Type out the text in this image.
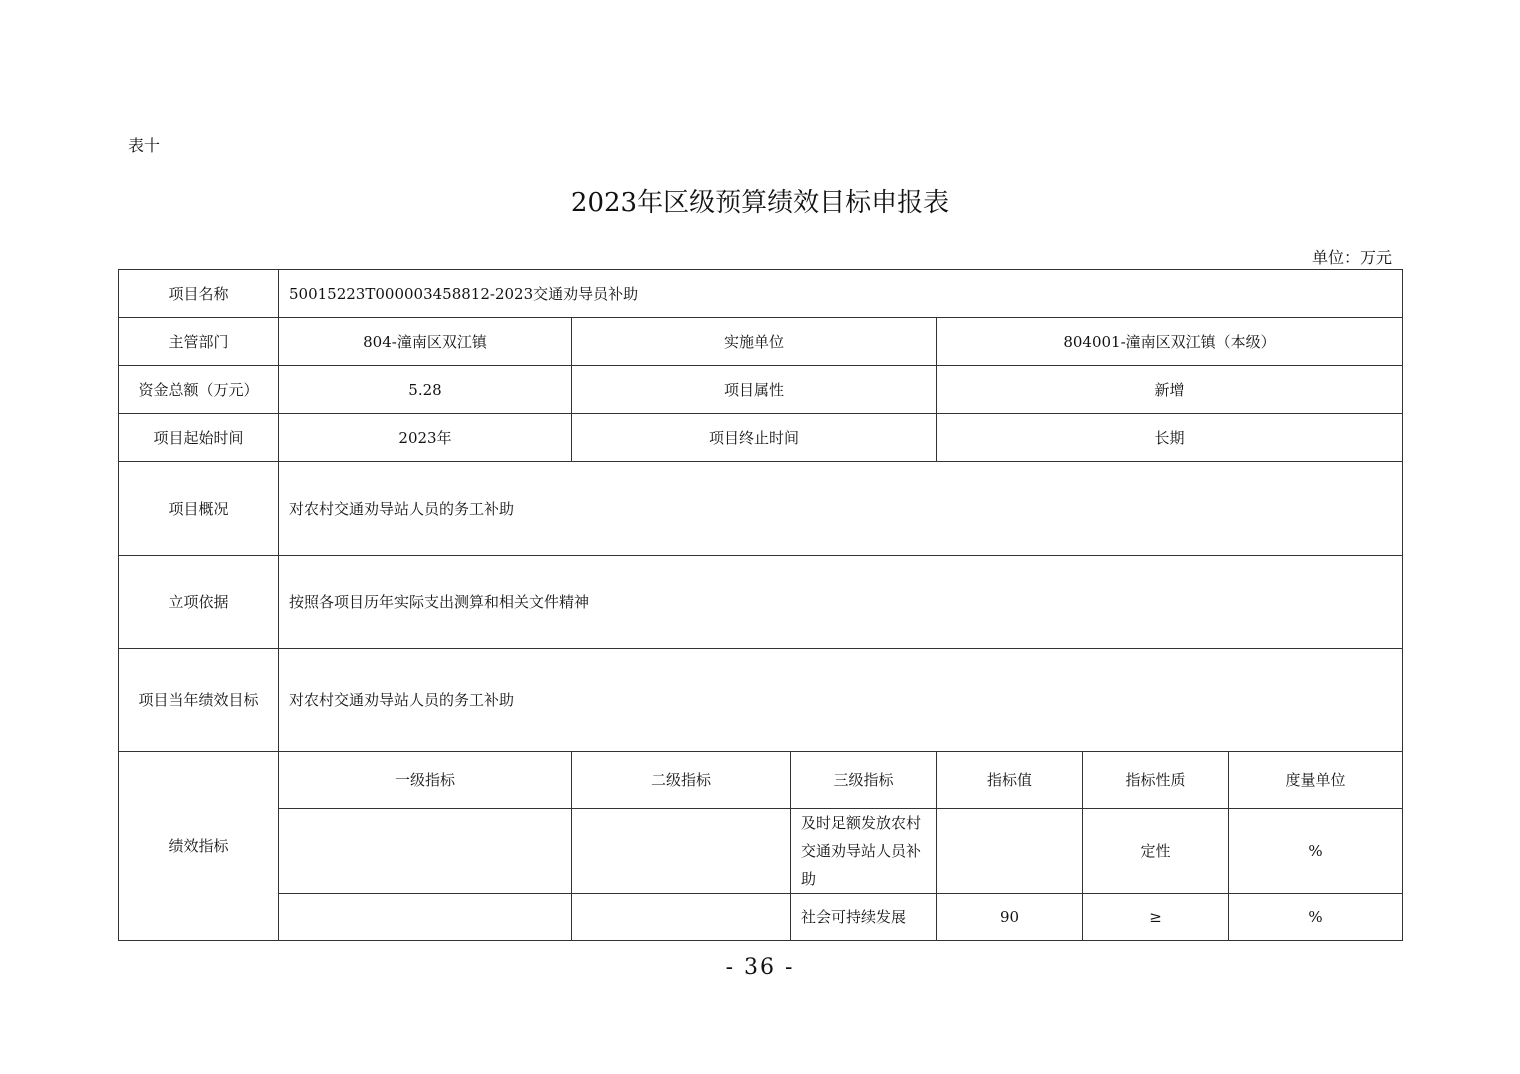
表十
2023年区级预算绩效目标申报表
单位：万元
项目名称	50015223T000003458812-2023交通劝导员补助						
主管部门	804-潼南区双江镇	实施单位		804001-潼南区双江镇（本级）			
资金总额（万元）	5.28	项目属性		新增			
项目起始时间	2023年	项目终止时间		长期			
项目概况	对农村交通劝导站人员的务工补助						
立项依据	按照各项目历年实际支出测算和相关文件精神						
项目当年绩效目标	对农村交通劝导站人员的务工补助						
绩效指标	一级指标	二级指标	三级指标	指标值	指标性质	度量单位	
			及时足额发放农村交通劝导站人员补助		定性	%	
			社会可持续发展	90	≥	%	
- 36 -
